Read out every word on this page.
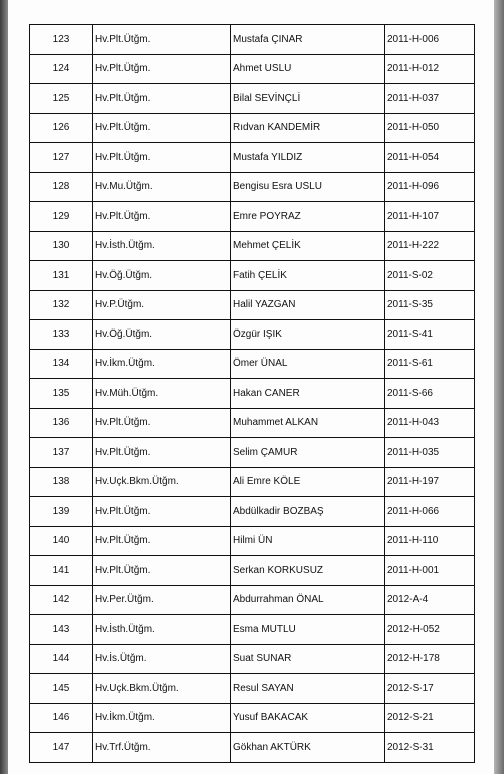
123	Hv.Plt.Ütğm.	Mustafa ÇINAR	2011-H-006
124	Hv.Plt.Ütğm.	Ahmet USLU	2011-H-012
125	Hv.Plt.Ütğm.	Bilal SEVİNÇLİ	2011-H-037
126	Hv.Plt.Ütğm.	Rıdvan KANDEMİR	2011-H-050
127	Hv.Plt.Ütğm.	Mustafa YILDIZ	2011-H-054
128	Hv.Mu.Ütğm.	Bengisu Esra USLU	2011-H-096
129	Hv.Plt.Ütğm.	Emre POYRAZ	2011-H-107
130	Hv.İsth.Ütğm.	Mehmet ÇELİK	2011-H-222
131	Hv.Öğ.Ütğm.	Fatih ÇELİK	2011-S-02
132	Hv.P.Ütğm.	Halil YAZGAN	2011-S-35
133	Hv.Öğ.Ütğm.	Özgür IŞIK	2011-S-41
134	Hv.İkm.Ütğm.	Ömer ÜNAL	2011-S-61
135	Hv.Müh.Ütğm.	Hakan CANER	2011-S-66
136	Hv.Plt.Ütğm.	Muhammet ALKAN	2011-H-043
137	Hv.Plt.Ütğm.	Selim ÇAMUR	2011-H-035
138	Hv.Uçk.Bkm.Ütğm.	Ali Emre KÖLE	2011-H-197
139	Hv.Plt.Ütğm.	Abdülkadir BOZBAŞ	2011-H-066
140	Hv.Plt.Ütğm.	Hilmi ÜN	2011-H-110
141	Hv.Plt.Ütğm.	Serkan KORKUSUZ	2011-H-001
142	Hv.Per.Ütğm.	Abdurrahman ÖNAL	2012-A-4
143	Hv.İsth.Ütğm.	Esma MUTLU	2012-H-052
144	Hv.İs.Ütğm.	Suat SUNAR	2012-H-178
145	Hv.Uçk.Bkm.Ütğm.	Resul SAYAN	2012-S-17
146	Hv.İkm.Ütğm.	Yusuf BAKACAK	2012-S-21
147	Hv.Trf.Ütğm.	Gökhan AKTÜRK	2012-S-31
